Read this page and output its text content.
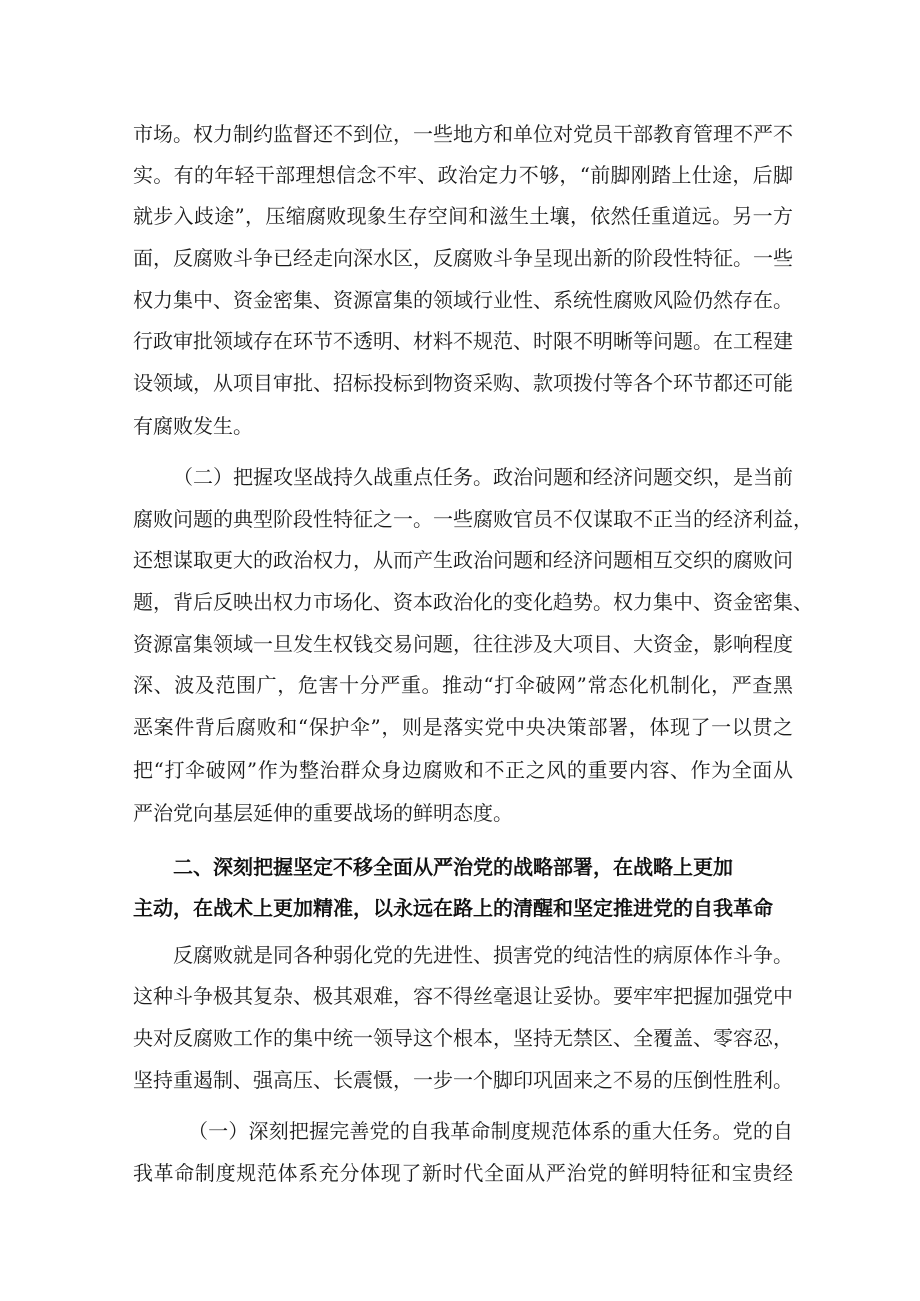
市场。权力制约监督还不到位，一些地方和单位对党员干部教育管理不严不
实。有的年轻干部理想信念不牢、政治定力不够，“前脚刚踏上仕途，后脚
就步入歧途”，压缩腐败现象生存空间和滋生土壤，依然任重道远。另一方
面，反腐败斗争已经走向深水区，反腐败斗争呈现出新的阶段性特征。一些
权力集中、资金密集、资源富集的领域行业性、系统性腐败风险仍然存在。
行政审批领域存在环节不透明、材料不规范、时限不明晰等问题。在工程建
设领域，从项目审批、招标投标到物资采购、款项拨付等各个环节都还可能
有腐败发生。
（二）把握攻坚战持久战重点任务。政治问题和经济问题交织，是当前
腐败问题的典型阶段性特征之一。一些腐败官员不仅谋取不正当的经济利益，
还想谋取更大的政治权力，从而产生政治问题和经济问题相互交织的腐败问
题，背后反映出权力市场化、资本政治化的变化趋势。权力集中、资金密集、
资源富集领域一旦发生权钱交易问题，往往涉及大项目、大资金，影响程度
深、波及范围广，危害十分严重。推动“打伞破网”常态化机制化，严查黑
恶案件背后腐败和“保护伞”，则是落实党中央决策部署，体现了一以贯之
把“打伞破网”作为整治群众身边腐败和不正之风的重要内容、作为全面从
严治党向基层延伸的重要战场的鲜明态度。
二、深刻把握坚定不移全面从严治党的战略部署，在战略上更加
主动，在战术上更加精准，以永远在路上的清醒和坚定推进党的自我革命
反腐败就是同各种弱化党的先进性、损害党的纯洁性的病原体作斗争。
这种斗争极其复杂、极其艰难，容不得丝毫退让妥协。要牢牢把握加强党中
央对反腐败工作的集中统一领导这个根本，坚持无禁区、全覆盖、零容忍，
坚持重遏制、强高压、长震慑，一步一个脚印巩固来之不易的压倒性胜利。
（一）深刻把握完善党的自我革命制度规范体系的重大任务。党的自
我革命制度规范体系充分体现了新时代全面从严治党的鲜明特征和宝贵经
